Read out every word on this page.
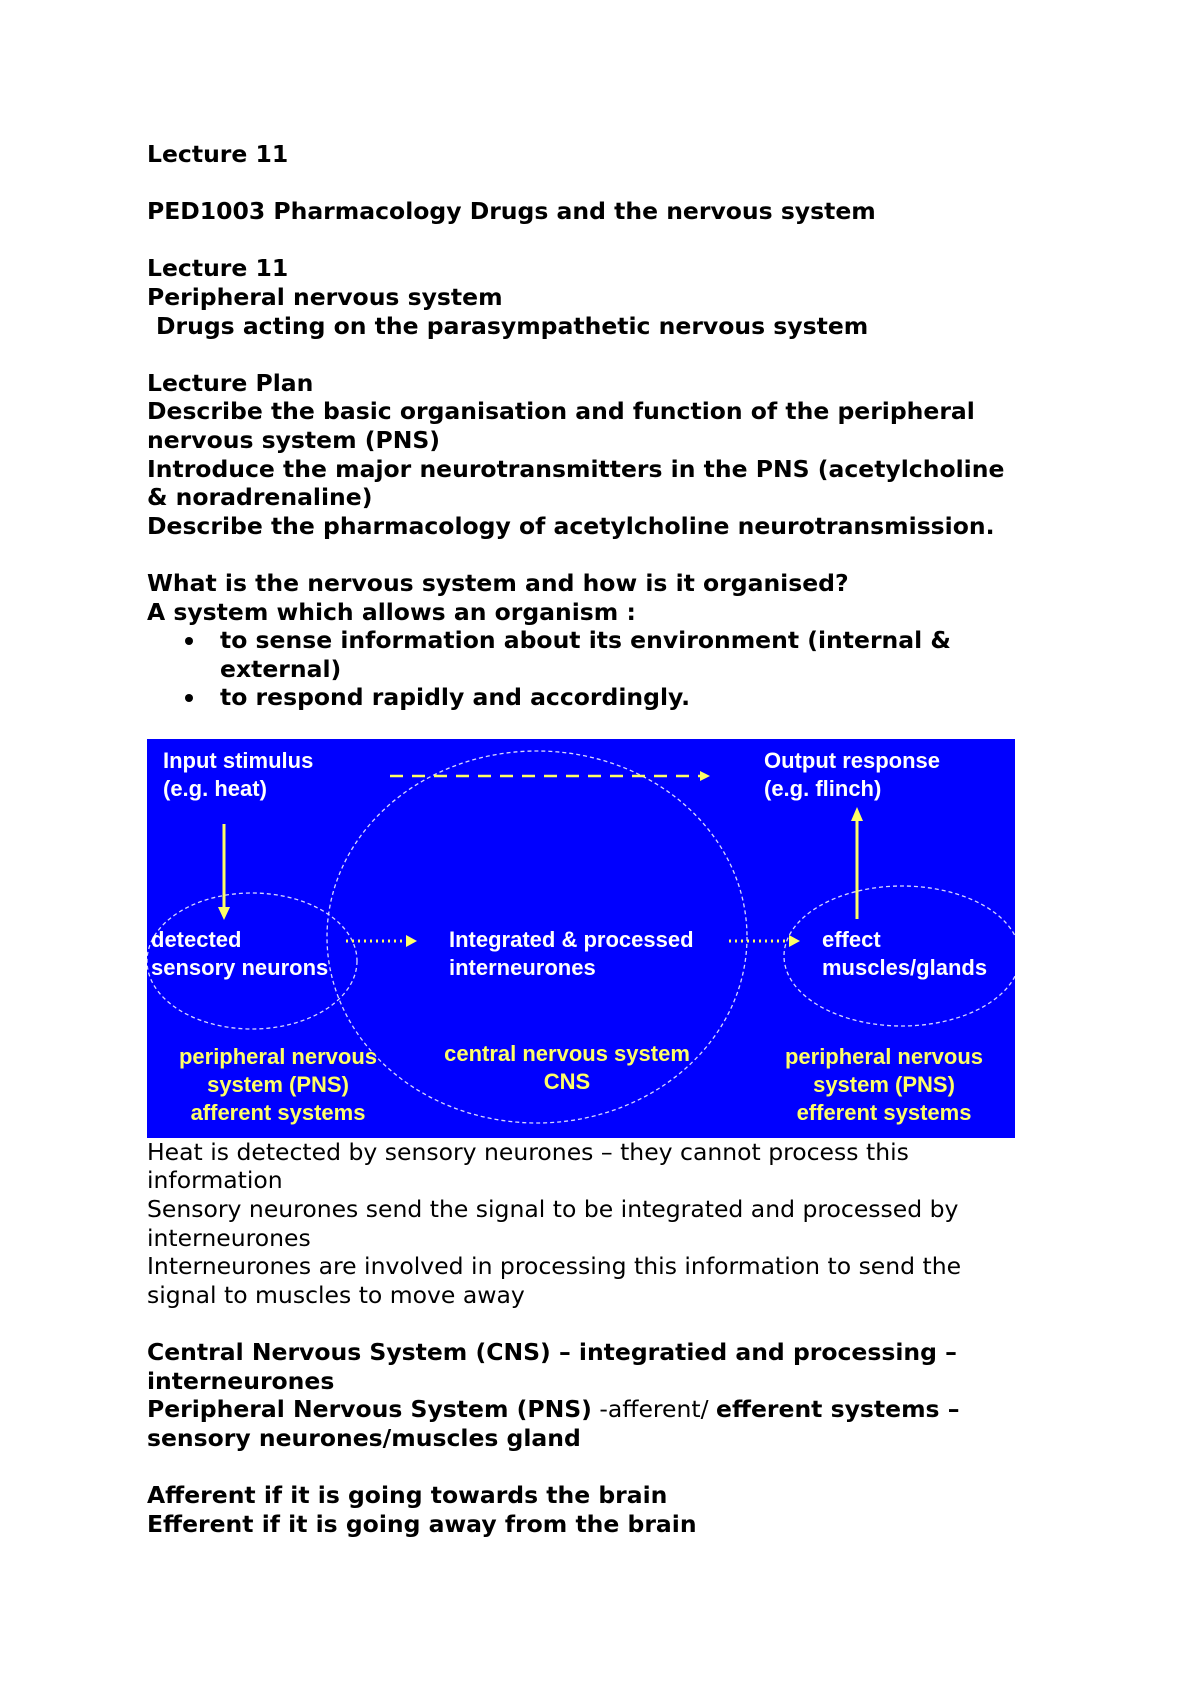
Lecture 11

PED1003 Pharmacology Drugs and the nervous system

Lecture 11

Peripheral nervous system

Drugs acting on the parasympathetic nervous system

Lecture Plan

Describe the basic organisation and function of the peripheral

nervous system (PNS)

Introduce the major neurotransmitters in the PNS (acetylcholine

& noradrenaline)

Describe the pharmacology of acetylcholine neurotransmission.

What is the nervous system and how is it organised?

A system which allows an organism :

to sense information about its environment (internal &
external)
to respond rapidly and accordingly.
Input stimulus
(e.g. heat)
Output response
(e.g. flinch)
detected
sensory neurons
Integrated & processed
interneurones
effect
muscles/glands
peripheral nervous
system (PNS)
afferent systems
central nervous system
CNS
peripheral nervous
system (PNS)
efferent systems

Heat is detected by sensory neurones – they cannot process this

information

Sensory neurones send the signal to be integrated and processed by

interneurones

Interneurones are involved in processing this information to send the

signal to muscles to move away

Central Nervous System (CNS) – integratied and processing –

interneurones

Peripheral Nervous System (PNS) -afferent/ efferent systems –

sensory neurones/muscles gland

Afferent if it is going towards the brain

Efferent if it is going away from the brain
